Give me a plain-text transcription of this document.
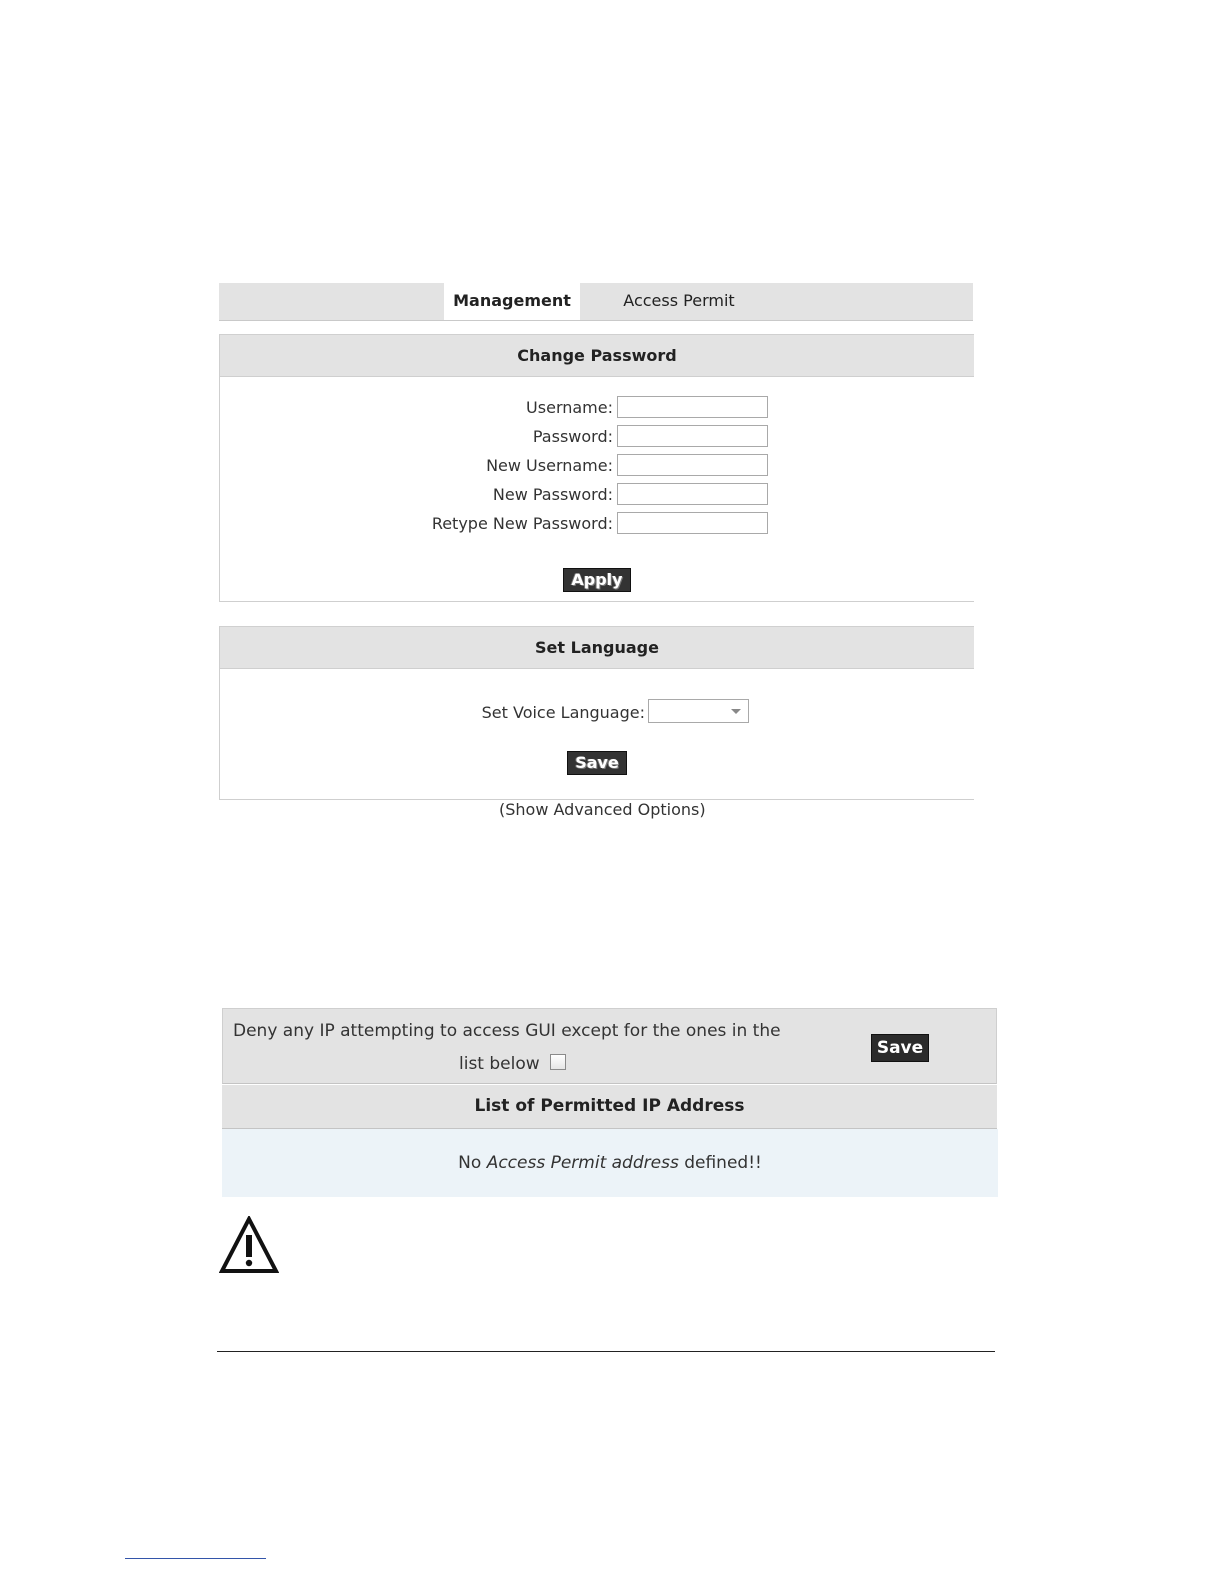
Management	Access Permit
Change Password
Username:
Password:
New Username:
New Password:
Retype New Password:
Apply
Set Language
Set Voice Language:
Save
(Show Advanced Options)
Deny any IP attempting to access GUI except for the ones in the
list below
Save
List of Permitted IP Address
No Access Permit address defined!!
